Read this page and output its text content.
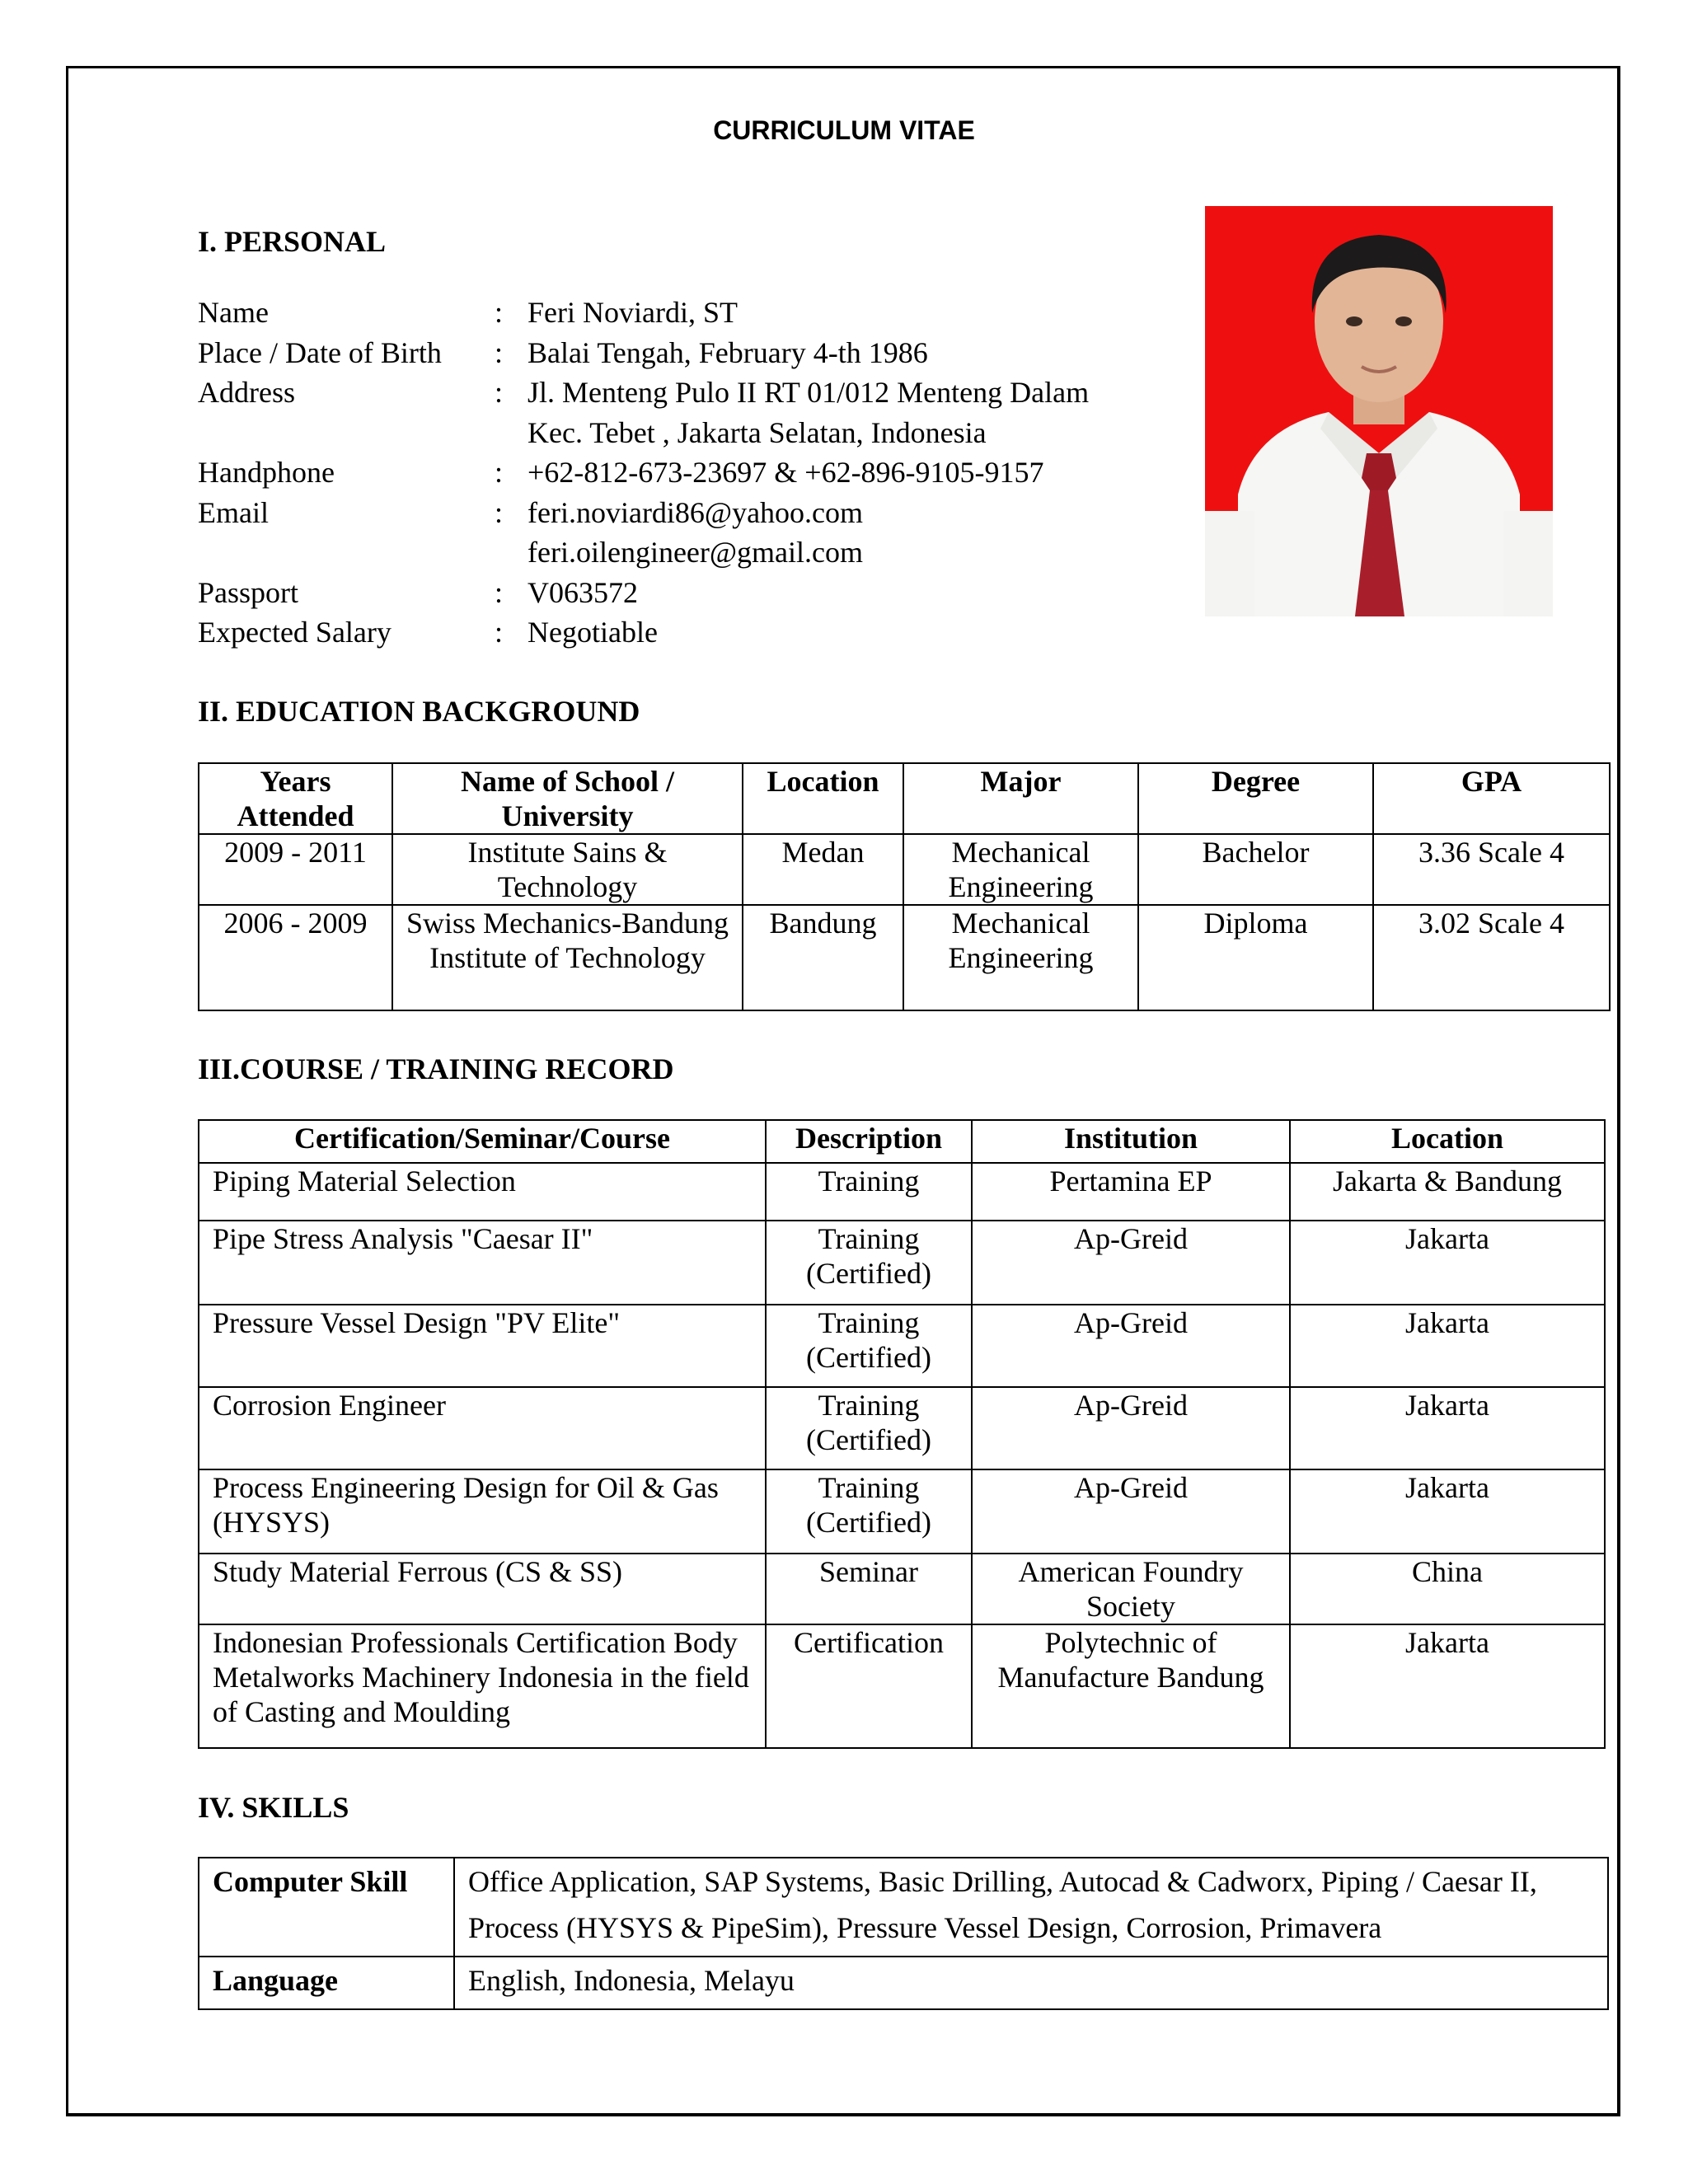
CURRICULUM VITAE
I. PERSONAL
Name	: Feri Noviardi, ST
Place / Date of Birth	: Balai Tengah, February 4-th 1986
Address	: Jl. Menteng Pulo II RT 01/012 Menteng Dalam
Kec. Tebet , Jakarta Selatan, Indonesia
Handphone	: +62-812-673-23697 & +62-896-9105-9157
Email	: feri.noviardi86@yahoo.com
feri.oilengineer@gmail.com
Passport	: V063572
Expected Salary	: Negotiable
II. EDUCATION BACKGROUND
Years Attended	Name of School / University	Location	Major	Degree	GPA
2009 - 2011	Institute Sains & Technology	Medan	Mechanical Engineering	Bachelor	3.36 Scale 4
2006 - 2009	Swiss Mechanics-Bandung Institute of Technology	Bandung	Mechanical Engineering	Diploma	3.02 Scale 4
III.COURSE / TRAINING RECORD
Certification/Seminar/Course	Description	Institution	Location
Piping Material Selection	Training	Pertamina EP	Jakarta & Bandung
Pipe Stress Analysis "Caesar II"	Training (Certified)	Ap-Greid	Jakarta
Pressure Vessel Design "PV Elite"	Training (Certified)	Ap-Greid	Jakarta
Corrosion Engineer	Training (Certified)	Ap-Greid	Jakarta
Process Engineering Design for Oil & Gas (HYSYS)	Training (Certified)	Ap-Greid	Jakarta
Study Material Ferrous (CS & SS)	Seminar	American Foundry Society	China
Indonesian Professionals Certification Body Metalworks Machinery Indonesia in the field of Casting and Moulding	Certification	Polytechnic of Manufacture Bandung	Jakarta
IV. SKILLS
Computer Skill	Office Application, SAP Systems, Basic Drilling, Autocad & Cadworx, Piping / Caesar II, Process (HYSYS & PipeSim), Pressure Vessel Design, Corrosion, Primavera
Language	English, Indonesia, Melayu
